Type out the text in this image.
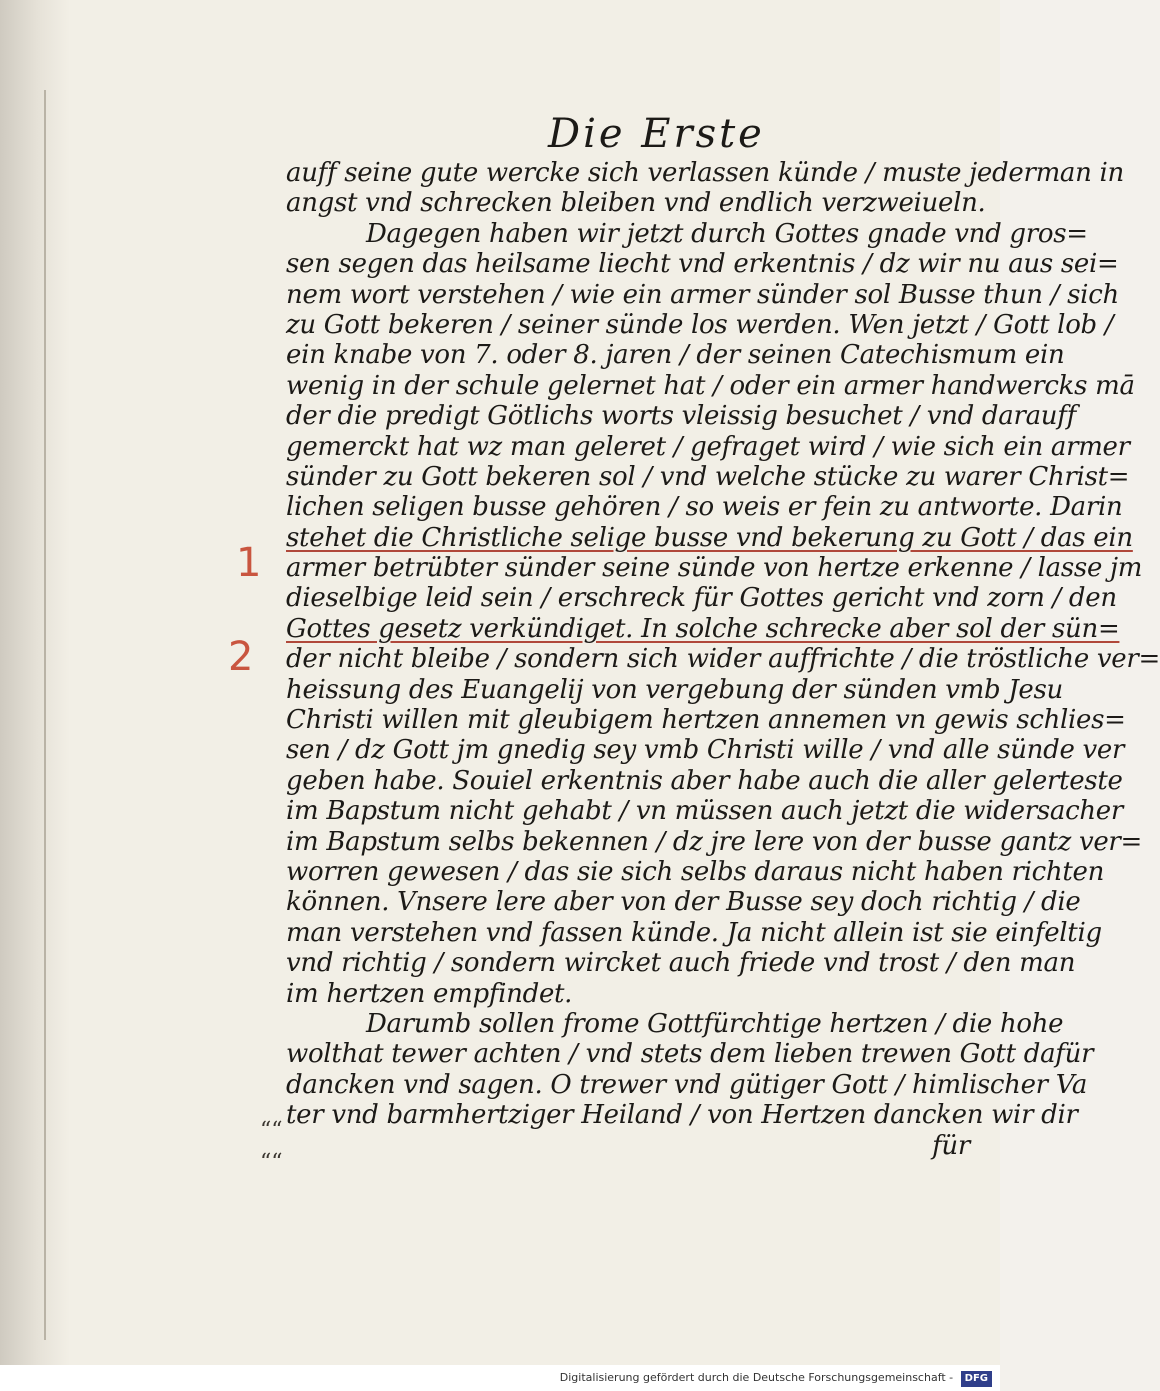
1
2
““
““
Die Erste
auff seine gute wercke sich verlassen künde / muste jederman in
angst vnd schrecken bleiben vnd endlich verzweiueln.
Dagegen haben wir jetzt durch Gottes gnade vnd gros=
sen segen das heilsame liecht vnd erkentnis / dz wir nu aus sei=
nem wort verstehen / wie ein armer sünder sol Busse thun / sich
zu Gott bekeren / seiner sünde los werden. Wen jetzt / Gott lob /
ein knabe von 7. oder 8. jaren / der seinen Catechismum ein
wenig in der schule gelernet hat / oder ein armer handwercks mā
der die predigt Götlichs worts vleissig besuchet / vnd darauff
gemerckt hat wz man geleret / gefraget wird / wie sich ein armer
sünder zu Gott bekeren sol / vnd welche stücke zu warer Christ=
lichen seligen busse gehören / so weis er fein zu antworte. Darin
stehet die Christliche selige busse vnd bekerung zu Gott / das ein
armer betrübter sünder seine sünde von hertze erkenne / lasse jm
dieselbige leid sein / erschreck für Gottes gericht vnd zorn / den
Gottes gesetz verkündiget. In solche schrecke aber sol der sün=
der nicht bleibe / sondern sich wider auffrichte / die tröstliche ver=
heissung des Euangelij von vergebung der sünden vmb Jesu
Christi willen mit gleubigem hertzen annemen vn gewis schlies=
sen / dz Gott jm gnedig sey vmb Christi wille / vnd alle sünde ver
geben habe. Souiel erkentnis aber habe auch die aller gelerteste
im Bapstum nicht gehabt / vn müssen auch jetzt die widersacher
im Bapstum selbs bekennen / dz jre lere von der busse gantz ver=
worren gewesen / das sie sich selbs daraus nicht haben richten
können. Vnsere lere aber von der Busse sey doch richtig / die
man verstehen vnd fassen künde. Ja nicht allein ist sie einfeltig
vnd richtig / sondern wircket auch friede vnd trost / den man
im hertzen empfindet.
Darumb sollen frome Gottfürchtige hertzen / die hohe
wolthat tewer achten / vnd stets dem lieben trewen Gott dafür
dancken vnd sagen. O trewer vnd gütiger Gott / himlischer Va
ter vnd barmhertziger Heiland / von Hertzen dancken wir dir
für
Digitalisierung gefördert durch die Deutsche Forschungsgemeinschaft - DFG
